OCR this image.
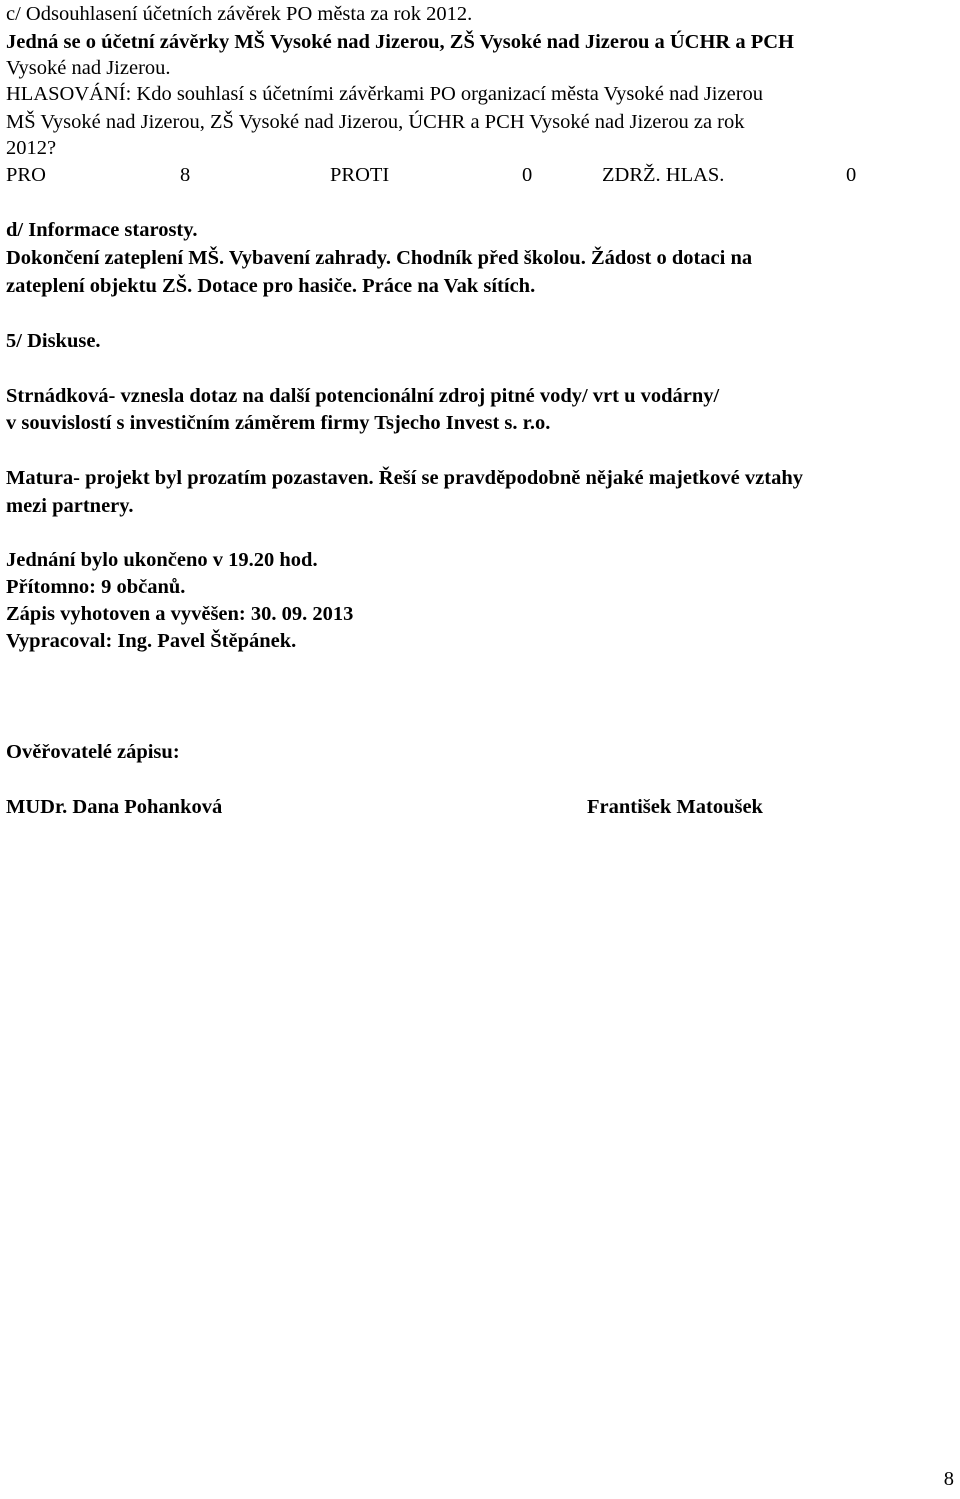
c/ Odsouhlasení účetních závěrek PO města za rok 2012.
Jedná se o účetní závěrky MŠ Vysoké nad Jizerou, ZŠ Vysoké nad Jizerou a ÚCHR a PCH
Vysoké nad Jizerou.
HLASOVÁNÍ: Kdo souhlasí s účetními závěrkami PO organizací města Vysoké nad Jizerou
MŠ Vysoké nad Jizerou, ZŠ Vysoké nad Jizerou, ÚCHR a PCH Vysoké nad Jizerou za rok
2012?
PRO	8	PROTI	0	ZDRŽ. HLAS.	0
d/ Informace starosty.
Dokončení zateplení MŠ. Vybavení zahrady. Chodník před školou. Žádost o dotaci na
zateplení objektu ZŠ. Dotace pro hasiče. Práce na Vak sítích.
5/ Diskuse.
Strnádková- vznesla dotaz na další potencionální zdroj pitné vody/ vrt u vodárny/
v souvislostí s investičním záměrem firmy Tsjecho Invest s. r.o.
Matura- projekt byl prozatím pozastaven. Řeší se pravděpodobně nějaké majetkové vztahy
mezi partnery.
Jednání bylo ukončeno v 19.20 hod.
Přítomno: 9 občanů.
Zápis vyhotoven a vyvěšen: 30. 09. 2013
Vypracoval: Ing. Pavel Štěpánek.
Ověřovatelé zápisu:
MUDr. Dana Pohanková	František Matoušek
8
